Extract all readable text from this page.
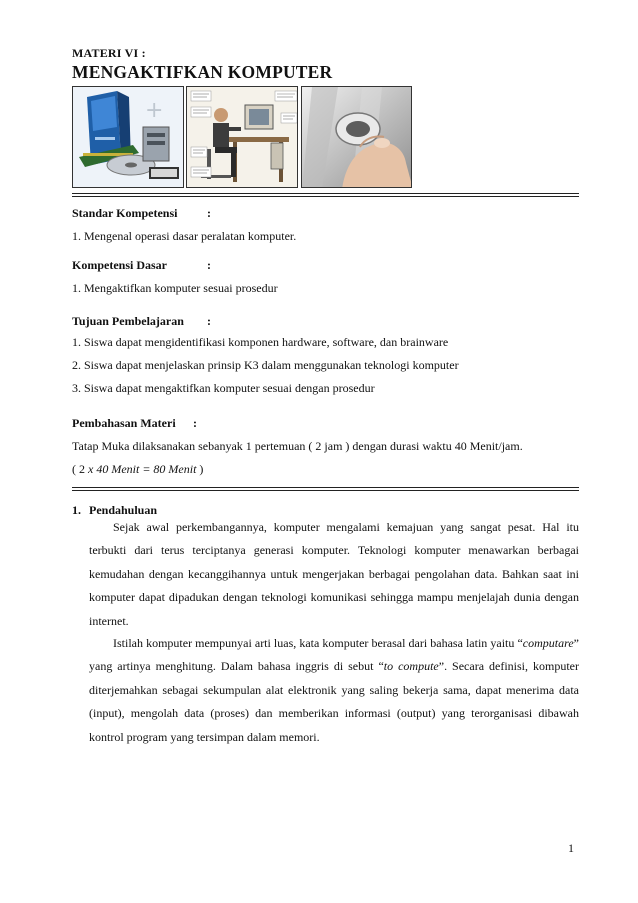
MATERI VI :
MENGAKTIFKAN KOMPUTER
+
Standar Kompetensi :
1. Mengenal operasi dasar peralatan komputer.
Kompetensi Dasar	:
1. Mengaktifkan komputer sesuai prosedur
Tujuan Pembelajaran :
1. Siswa dapat mengidentifikasi komponen hardware, software, dan brainware
2. Siswa dapat menjelaskan prinsip K3 dalam menggunakan teknologi komputer
3. Siswa dapat mengaktifkan komputer sesuai dengan prosedur
Pembahasan Materi :
Tatap Muka dilaksanakan sebanyak 1 pertemuan ( 2 jam ) dengan durasi waktu 40 Menit/jam.
( 2 x 40 Menit = 80 Menit )
1. Pendahuluan

Sejak awal perkembangannya, komputer mengalami kemajuan yang sangat pesat. Hal itu terbukti dari terus terciptanya generasi komputer. Teknologi komputer menawarkan berbagai kemudahan dengan kecanggihannya untuk mengerjakan berbagai pengolahan data. Bahkan saat ini komputer dapat dipadukan dengan teknologi komunikasi sehingga mampu menjelajah dunia dengan internet.

Istilah komputer mempunyai arti luas, kata komputer berasal dari bahasa latin yaitu “computare” yang artinya menghitung. Dalam bahasa inggris di sebut “to compute”. Secara definisi, komputer diterjemahkan sebagai sekumpulan alat elektronik yang saling bekerja sama, dapat menerima data (input), mengolah data (proses) dan memberikan informasi (output) yang terorganisasi dibawah kontrol program yang tersimpan dalam memori.

1
